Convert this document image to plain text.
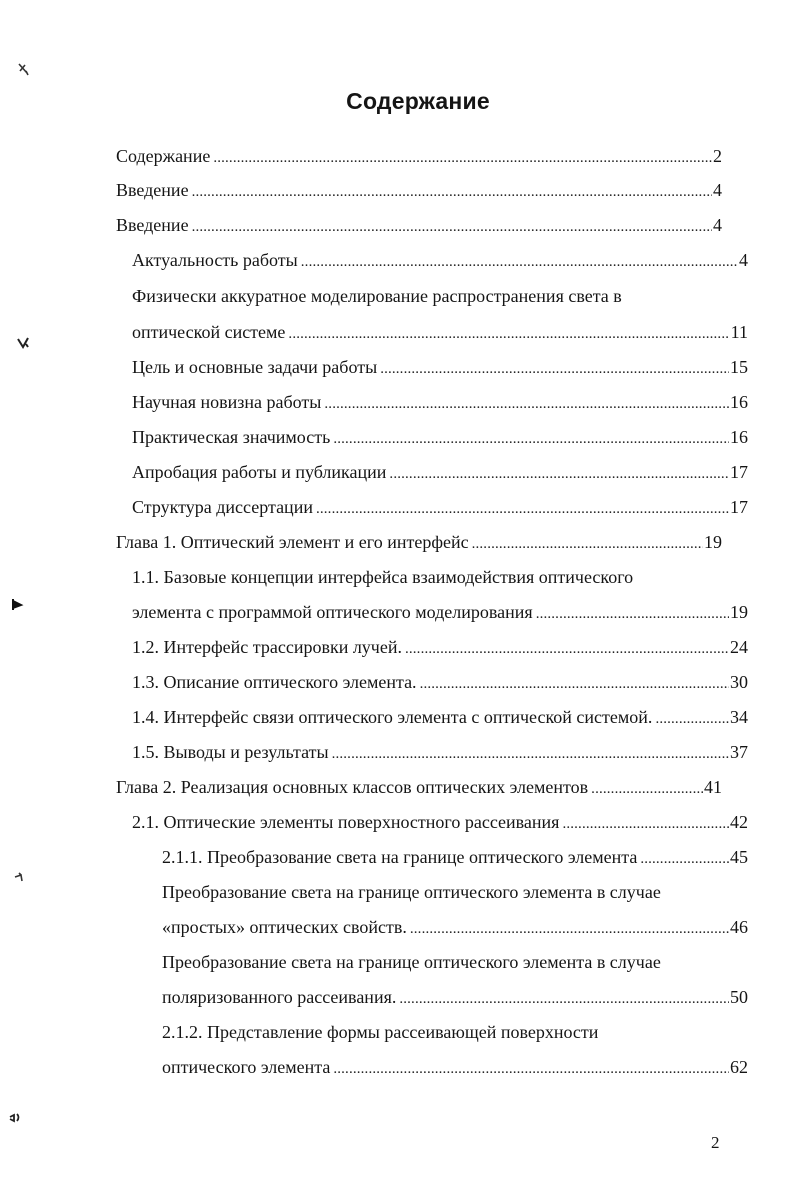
Содержание
Содержание .....	2
Введение .....	4
Введение .....	4
Актуальность работы .....	4
Физически аккуратное моделирование распространения света в
оптической системе .....	11
Цель и основные задачи работы .....	15
Научная новизна работы .....	16
Практическая значимость .....	16
Апробация работы и публикации .....	17
Структура диссертации .....	17
Глава 1. Оптический элемент и его интерфейс .....	19
1.1. Базовые концепции интерфейса взаимодействия оптического
элемента с программой оптического моделирования .....	19
1.2. Интерфейс трассировки лучей. .....	24
1.3. Описание оптического элемента. .....	30
1.4. Интерфейс связи оптического элемента с оптической системой. .....	34
1.5. Выводы и результаты .....	37
Глава 2. Реализация основных классов оптических элементов .....	41
2.1. Оптические элементы поверхностного рассеивания .....	42
2.1.1. Преобразование света на границе оптического элемента .....	45
Преобразование света на границе оптического элемента в случае
«простых» оптических свойств. .....	46
Преобразование света на границе оптического элемента в случае
поляризованного рассеивания. .....	50
2.1.2. Представление формы рассеивающей поверхности
оптического элемента .....	62
2
